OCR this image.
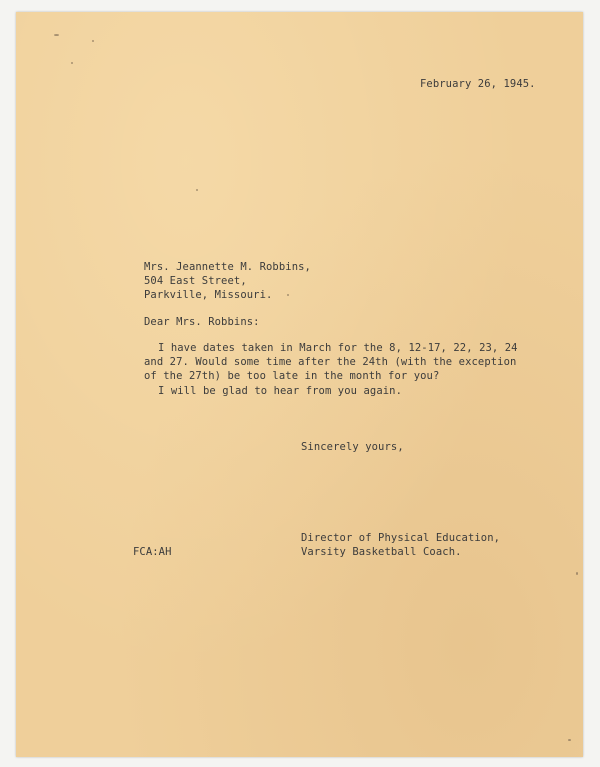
February 26, 1945.
Mrs. Jeannette M. Robbins,
504 East Street,
Parkville, Missouri.
Dear Mrs. Robbins:
I have dates taken in March for the 8, 12-17, 22, 23, 24
and 27. Would some time after the 24th (with the exception
of the 27th) be too late in the month for you?
I will be glad to hear from you again.
Sincerely yours,
Director of Physical Education,
Varsity Basketball Coach.
FCA:AH
